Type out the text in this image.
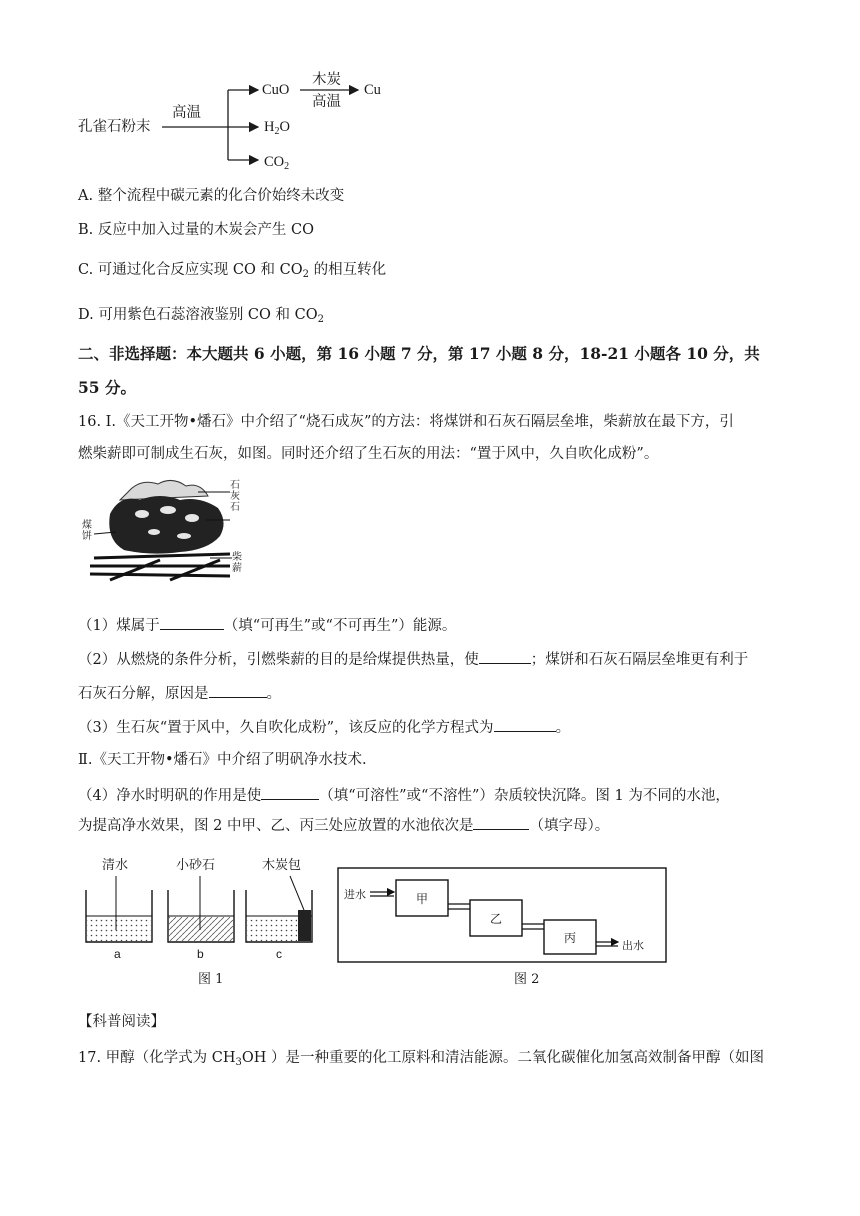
孔雀石粉末
高温
CuO
$H_2O$
$CO_2$
木炭
高温
Cu
A. 整个流程中碳元素的化合价始终未改变
B. 反应中加入过量的木炭会产生 CO
C. 可通过化合反应实现 CO 和 $CO_2$ 的相互转化
D. 可用紫色石蕊溶液鉴别 CO 和 $CO_2$
二、非选择题：本大题共 6 小题，第 16 小题 7 分，第 17 小题 8 分，18-21 小题各 10 分，共
55 分。
16. Ⅰ.《天工开物•燔石》中介绍了“烧石成灰”的方法：将煤饼和石灰石隔层垒堆，柴薪放在最下方，引
燃柴薪即可制成生石灰，如图。同时还介绍了生石灰的用法：“置于风中，久自吹化成粉”。
石灰石
煤饼
柴薪
（1）煤属于	（填“可再生”或“不可再生”）能源。
（2）从燃烧的条件分析，引燃柴薪的目的是给煤提供热量，使	；煤饼和石灰石隔层垒堆更有利于
石灰石分解，原因是	。
（3）生石灰“置于风中，久自吹化成粉”，该反应的化学方程式为	。
Ⅱ.《天工开物•燔石》中介绍了明矾净水技术.
（4）净水时明矾的作用是使	（填“可溶性”或“不溶性”）杂质较快沉降。图 1 为不同的水池，
为提高净水效果，图 2 中甲、乙、丙三处应放置的水池依次是	（填字母）。
清水	小砂石	木炭包
a	b	c
图 1
进水	甲
乙
丙
出水
图 2
【科普阅读】
17. 甲醇（化学式为 $CH_3OH$ ）是一种重要的化工原料和清洁能源。二氧化碳催化加氢高效制备甲醇（如图
